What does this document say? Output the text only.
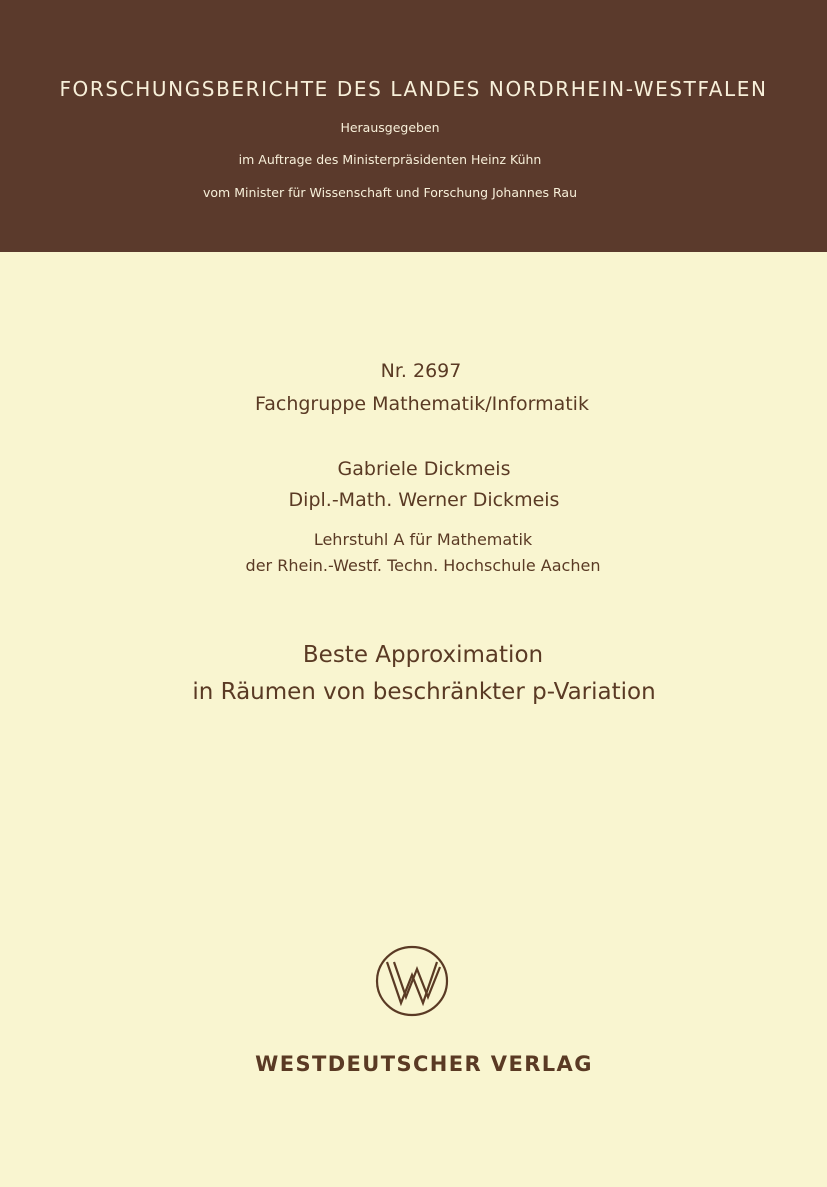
FORSCHUNGSBERICHTE DES LANDES NORDRHEIN-WESTFALEN
Herausgegeben
im Auftrage des Ministerpräsidenten Heinz Kühn
vom Minister für Wissenschaft und Forschung Johannes Rau
Nr. 2697
Fachgruppe Mathematik/Informatik
Gabriele Dickmeis
Dipl.-Math. Werner Dickmeis
Lehrstuhl A für Mathematik
der Rhein.-Westf. Techn. Hochschule Aachen
Beste Approximation
in Räumen von beschränkter p-Variation
WESTDEUTSCHER VERLAG
